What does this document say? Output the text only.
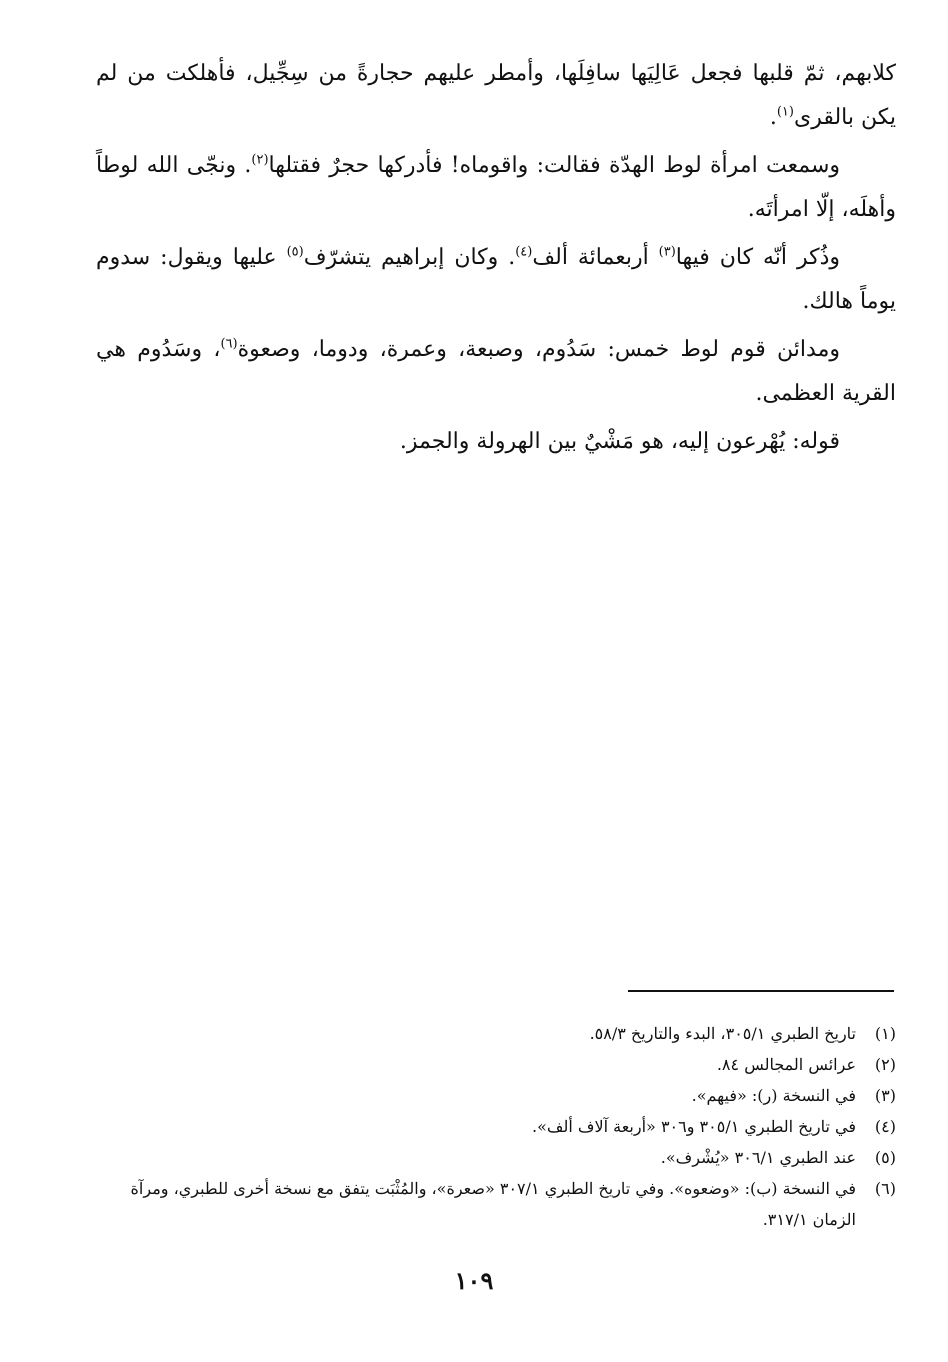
كلابهم، ثمّ قلبها فجعل عَالِيَها سافِلَها، وأمطر عليهم حجارةً من سِجِّيل، فأهلكت من لم يكن بالقرى$^{(١)}$.

وسمعت امرأة لوط الهدّة فقالت: واقوماه! فأدركها حجرٌ فقتلها$^{(٢)}$. ونجّى الله لوطاً وأهلَه، إلّا امرأتَه.

وذُكر أنّه كان فيها$^{(٣)}$ أربعمائة ألف$^{(٤)}$. وكان إبراهيم يتشرّف$^{(٥)}$ عليها ويقول: سدوم يوماً هالك.

ومدائن قوم لوط خمس: سَدُوم، وصبعة، وعمرة، ودوما، وصعوة$^{(٦)}$، وسَدُوم هي القرية العظمى.

قوله: يُهْرعون إليه، هو مَشْيٌ بين الهرولة والجمز.

(١)
تاريخ الطبري ٣٠٥/١، البدء والتاريخ ٥٨/٣.

(٢)
عرائس المجالس ٨٤.

(٣)
في النسخة (ر): «فيهم».

(٤)
في تاريخ الطبري ٣٠٥/١ و٣٠٦ «أربعة آلاف ألف».

(٥)
عند الطبري ٣٠٦/١ «يُشْرف».

(٦)
في النسخة (ب): «وضعوه». وفي تاريخ الطبري ٣٠٧/١ «صعرة»، والمُثْبَت يتفق مع نسخة أخرى للطبري، ومرآة الزمان ٣١٧/١.

١٠٩
